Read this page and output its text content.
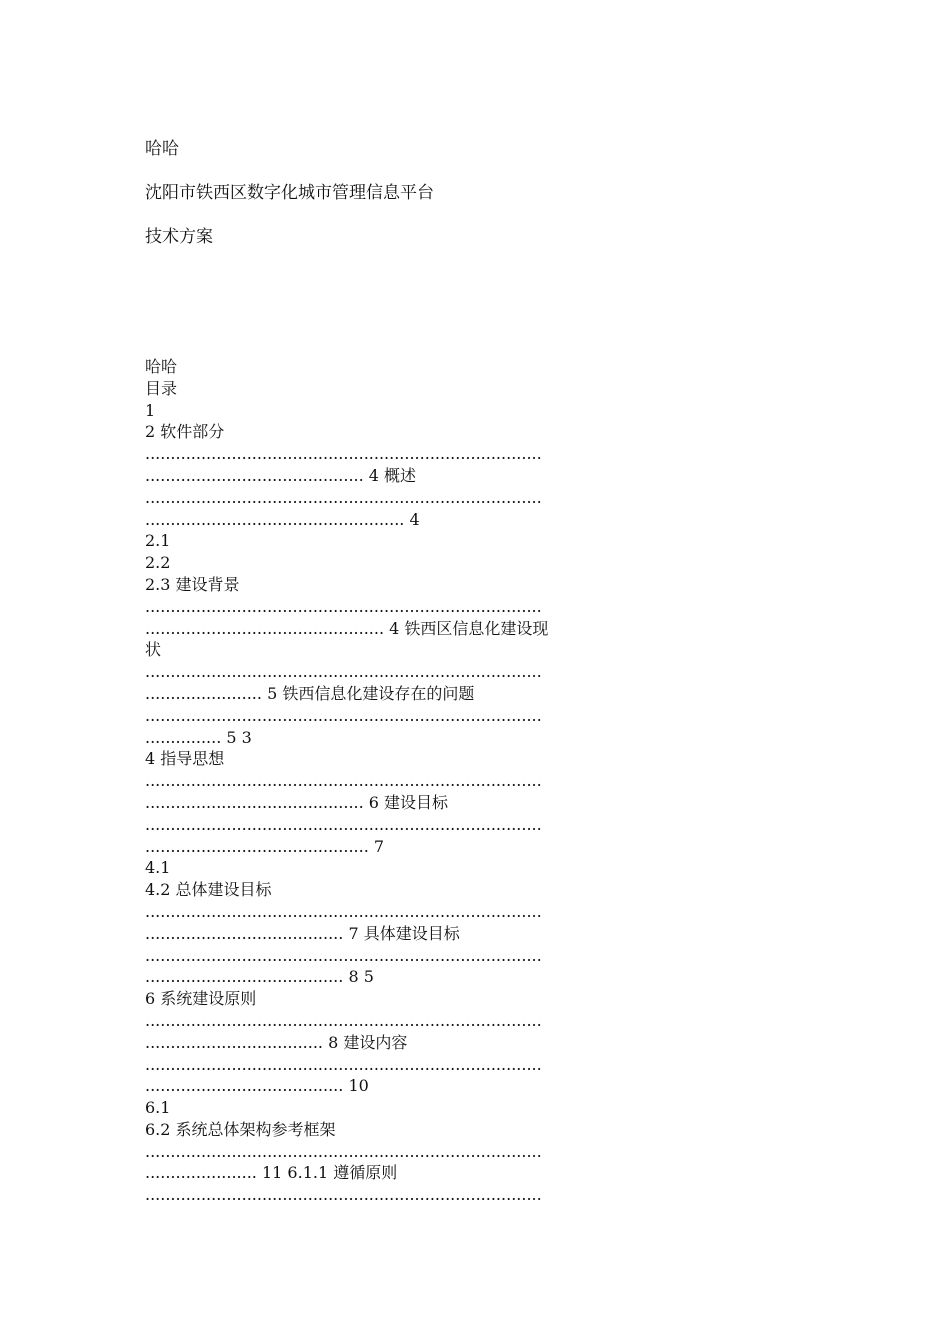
哈哈
沈阳市铁西区数字化城市管理信息平台
技术方案
哈哈
目录
1
2 软件部分
..............................................................................
........................................... 4 概述
..............................................................................
................................................... 4
2.1
2.2
2.3 建设背景
..............................................................................
............................................... 4 铁西区信息化建设现
状
..............................................................................
....................... 5 铁西信息化建设存在的问题
..............................................................................
............... 5 3
4 指导思想
..............................................................................
........................................... 6 建设目标
..............................................................................
............................................ 7
4.1
4.2 总体建设目标
..............................................................................
....................................... 7 具体建设目标
..............................................................................
....................................... 8 5
6 系统建设原则
..............................................................................
................................... 8 建设内容
..............................................................................
....................................... 10
6.1
6.2 系统总体架构参考框架
..............................................................................
...................... 11 6.1.1 遵循原则
..............................................................................
